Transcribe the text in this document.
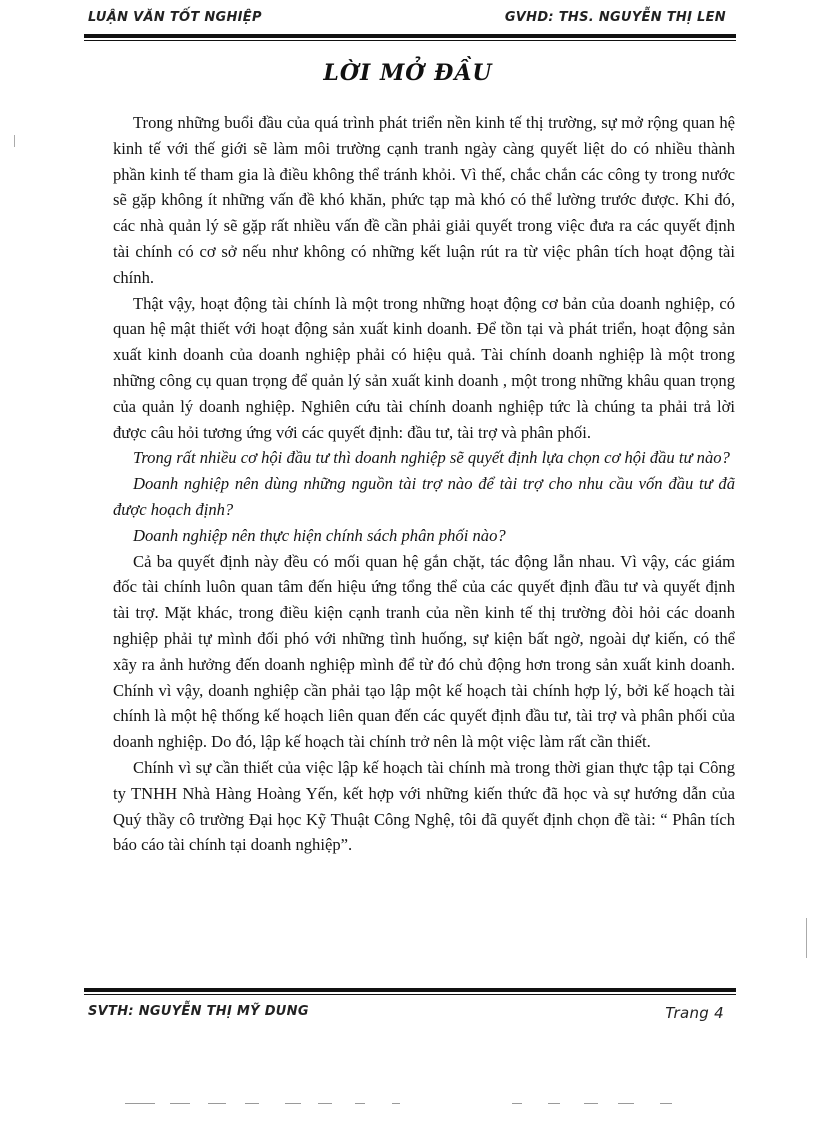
LUẬN VĂN TỐT NGHIỆP	GVHD: THS. NGUYỄN THỊ LEN
LỜI MỞ ĐẦU

Trong những buổi đầu của quá trình phát triển nền kinh tế thị trường, sự mở rộng quan hệ kinh tế với thế giới sẽ làm môi trường cạnh tranh ngày càng quyết liệt do có nhiều thành phần kinh tế tham gia là điều không thể tránh khỏi. Vì thế, chắc chắn các công ty trong nước sẽ gặp không ít những vấn đề khó khăn, phức tạp mà khó có thể lường trước được. Khi đó, các nhà quản lý sẽ gặp rất nhiều vấn đề cần phải giải quyết trong việc đưa ra các quyết định tài chính có cơ sở nếu như không có những kết luận rút ra từ việc phân tích hoạt động tài chính.

Thật vậy, hoạt động tài chính là một trong những hoạt động cơ bản của doanh nghiệp, có quan hệ mật thiết với hoạt động sản xuất kinh doanh. Để tồn tại và phát triển, hoạt động sản xuất kinh doanh của doanh nghiệp phải có hiệu quả. Tài chính doanh nghiệp là một trong những công cụ quan trọng để quản lý sản xuất kinh doanh , một trong những khâu quan trọng của quản lý doanh nghiệp. Nghiên cứu tài chính doanh nghiệp tức là chúng ta phải trả lời được câu hỏi tương ứng với các quyết định: đầu tư, tài trợ và phân phối.

Trong rất nhiều cơ hội đầu tư thì doanh nghiệp sẽ quyết định lựa chọn cơ hội đầu tư nào?

Doanh nghiệp nên dùng những nguồn tài trợ nào để tài trợ cho nhu cầu vốn đầu tư đã được hoạch định?

Doanh nghiệp nên thực hiện chính sách phân phối nào?

Cả ba quyết định này đều có mối quan hệ gắn chặt, tác động lẫn nhau. Vì vậy, các giám đốc tài chính luôn quan tâm đến hiệu ứng tổng thể của các quyết định đầu tư và quyết định tài trợ. Mặt khác, trong điều kiện cạnh tranh của nền kinh tế thị trường đòi hỏi các doanh nghiệp phải tự mình đối phó với những tình huống, sự kiện bất ngờ, ngoài dự kiến, có thể xãy ra ảnh hưởng đến doanh nghiệp mình để từ đó chủ động hơn trong sản xuất kinh doanh. Chính vì vậy, doanh nghiệp cần phải tạo lập một kế hoạch tài chính hợp lý, bởi kế hoạch tài chính là một hệ thống kế hoạch liên quan đến các quyết định đầu tư, tài trợ và phân phối của doanh nghiệp. Do đó, lập kế hoạch tài chính trở nên là một việc làm rất cần thiết.

Chính vì sự cần thiết của việc lập kế hoạch tài chính mà trong thời gian thực tập tại Công ty TNHH Nhà Hàng Hoàng Yến, kết hợp với những kiến thức đã học và sự hướng dẫn của Quý thầy cô trường Đại học Kỹ Thuật Công Nghệ, tôi đã quyết định chọn đề tài: “ Phân tích báo cáo tài chính tại doanh nghiệp”.

SVTH: NGUYỄN THỊ MỸ DUNG	Trang 4
